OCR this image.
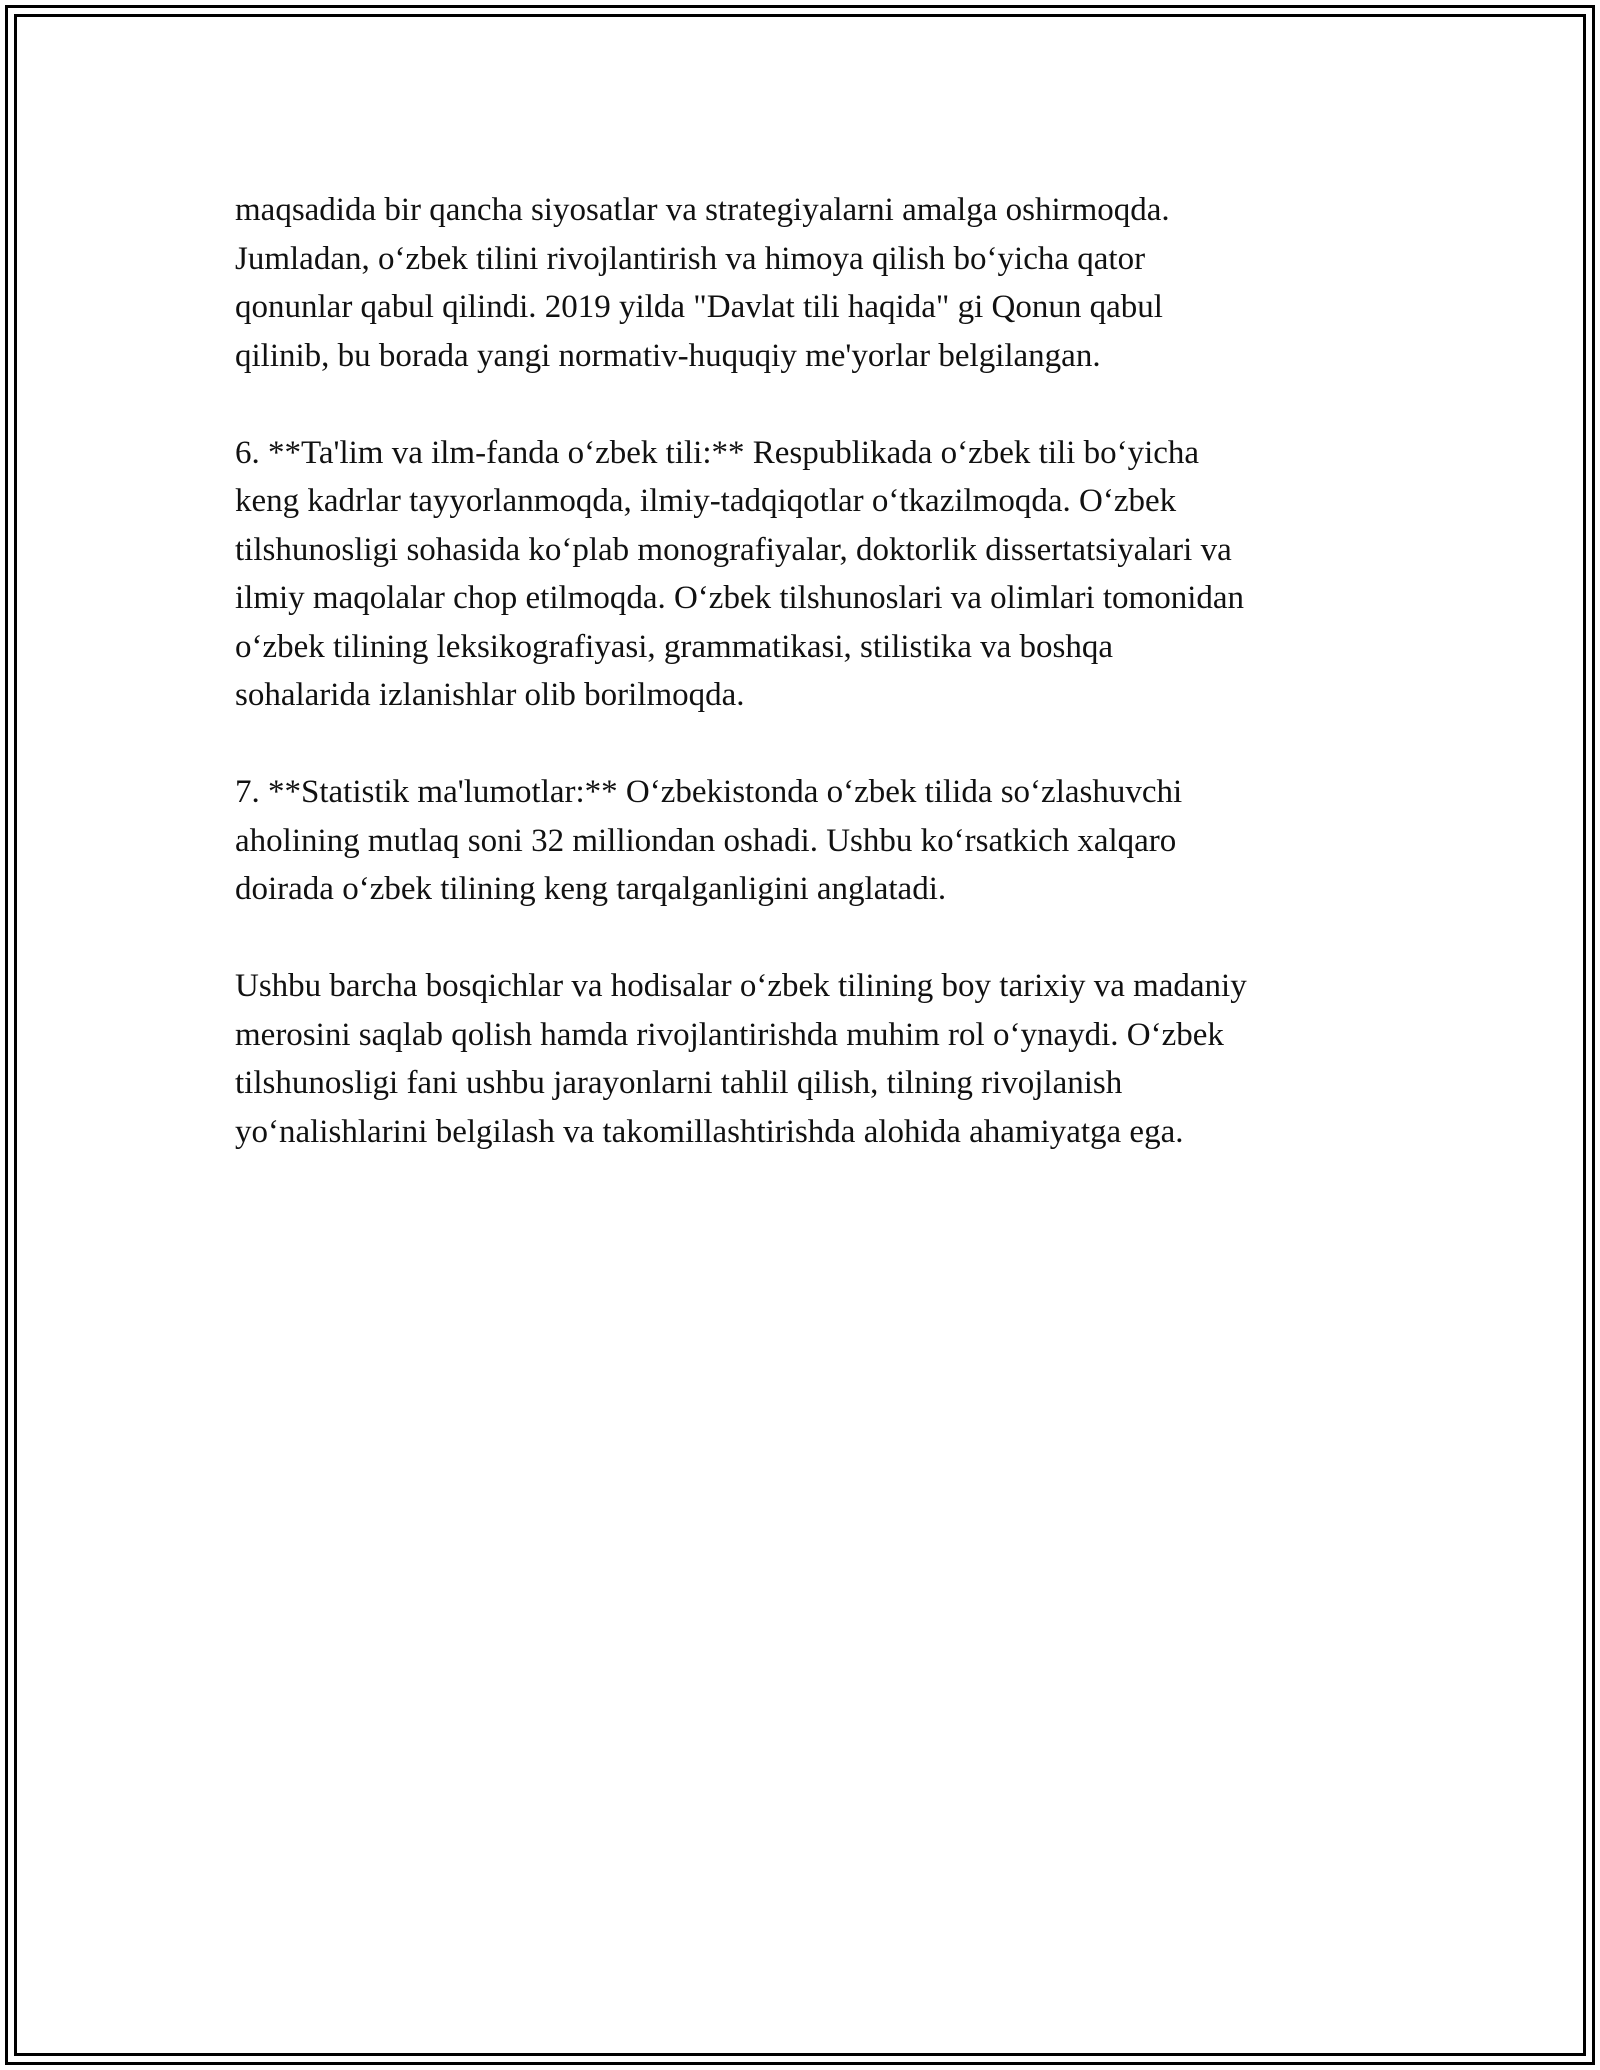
maqsadida bir qancha siyosatlar va strategiyalarni amalga oshirmoqda.
Jumladan, o‘zbek tilini rivojlantirish va himoya qilish bo‘yicha qator
qonunlar qabul qilindi. 2019 yilda "Davlat tili haqida" gi Qonun qabul
qilinib, bu borada yangi normativ-huquqiy me'yorlar belgilangan.

6. **Ta'lim va ilm-fanda o‘zbek tili:** Respublikada o‘zbek tili bo‘yicha
keng kadrlar tayyorlanmoqda, ilmiy-tadqiqotlar o‘tkazilmoqda. O‘zbek
tilshunosligi sohasida ko‘plab monografiyalar, doktorlik dissertatsiyalari va
ilmiy maqolalar chop etilmoqda. O‘zbek tilshunoslari va olimlari tomonidan
o‘zbek tilining leksikografiyasi, grammatikasi, stilistika va boshqa
sohalarida izlanishlar olib borilmoqda.

7. **Statistik ma'lumotlar:** O‘zbekistonda o‘zbek tilida so‘zlashuvchi
aholining mutlaq soni 32 milliondan oshadi. Ushbu ko‘rsatkich xalqaro
doirada o‘zbek tilining keng tarqalganligini anglatadi.

Ushbu barcha bosqichlar va hodisalar o‘zbek tilining boy tarixiy va madaniy
merosini saqlab qolish hamda rivojlantirishda muhim rol o‘ynaydi. O‘zbek
tilshunosligi fani ushbu jarayonlarni tahlil qilish, tilning rivojlanish
yo‘nalishlarini belgilash va takomillashtirishda alohida ahamiyatga ega.
